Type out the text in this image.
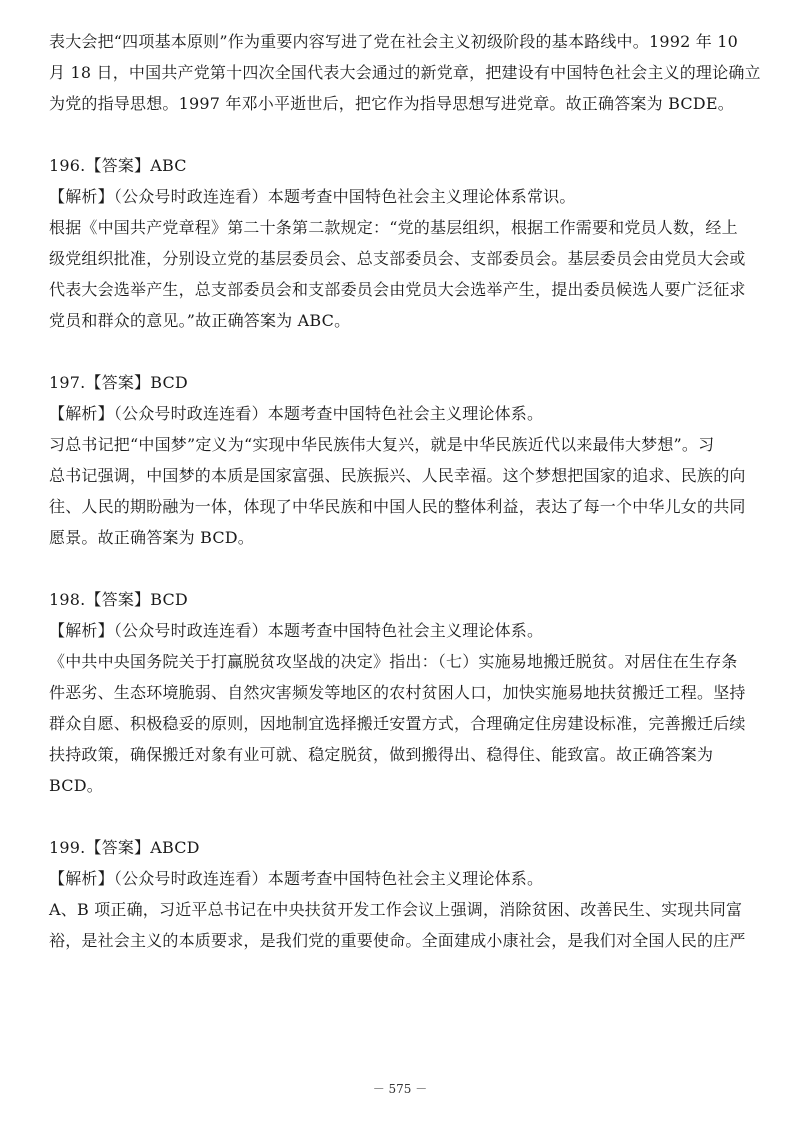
表大会把“四项基本原则”作为重要内容写进了党在社会主义初级阶段的基本路线中。1992 年 10
月 18 日，中国共产党第十四次全国代表大会通过的新党章，把建设有中国特色社会主义的理论确立
为党的指导思想。1997 年邓小平逝世后，把它作为指导思想写进党章。故正确答案为 BCDE。
196.【答案】ABC
【解析】（公众号时政连连看）本题考查中国特色社会主义理论体系常识。
根据《中国共产党章程》第二十条第二款规定：“党的基层组织，根据工作需要和党员人数，经上
级党组织批准，分别设立党的基层委员会、总支部委员会、支部委员会。基层委员会由党员大会或
代表大会选举产生，总支部委员会和支部委员会由党员大会选举产生，提出委员候选人要广泛征求
党员和群众的意见。”故正确答案为 ABC。
197.【答案】BCD
【解析】（公众号时政连连看）本题考查中国特色社会主义理论体系。
习总书记把“中国梦”定义为“实现中华民族伟大复兴，就是中华民族近代以来最伟大梦想”。习
总书记强调，中国梦的本质是国家富强、民族振兴、人民幸福。这个梦想把国家的追求、民族的向
往、人民的期盼融为一体，体现了中华民族和中国人民的整体利益，表达了每一个中华儿女的共同
愿景。故正确答案为 BCD。
198.【答案】BCD
【解析】（公众号时政连连看）本题考查中国特色社会主义理论体系。
《中共中央国务院关于打赢脱贫攻坚战的决定》指出：（七）实施易地搬迁脱贫。对居住在生存条
件恶劣、生态环境脆弱、自然灾害频发等地区的农村贫困人口，加快实施易地扶贫搬迁工程。坚持
群众自愿、积极稳妥的原则，因地制宜选择搬迁安置方式，合理确定住房建设标准，完善搬迁后续
扶持政策，确保搬迁对象有业可就、稳定脱贫，做到搬得出、稳得住、能致富。故正确答案为
BCD。
199.【答案】ABCD
【解析】（公众号时政连连看）本题考查中国特色社会主义理论体系。
A、B 项正确，习近平总书记在中央扶贫开发工作会议上强调，消除贫困、改善民生、实现共同富
裕，是社会主义的本质要求，是我们党的重要使命。全面建成小康社会，是我们对全国人民的庄严
－ 575 －
